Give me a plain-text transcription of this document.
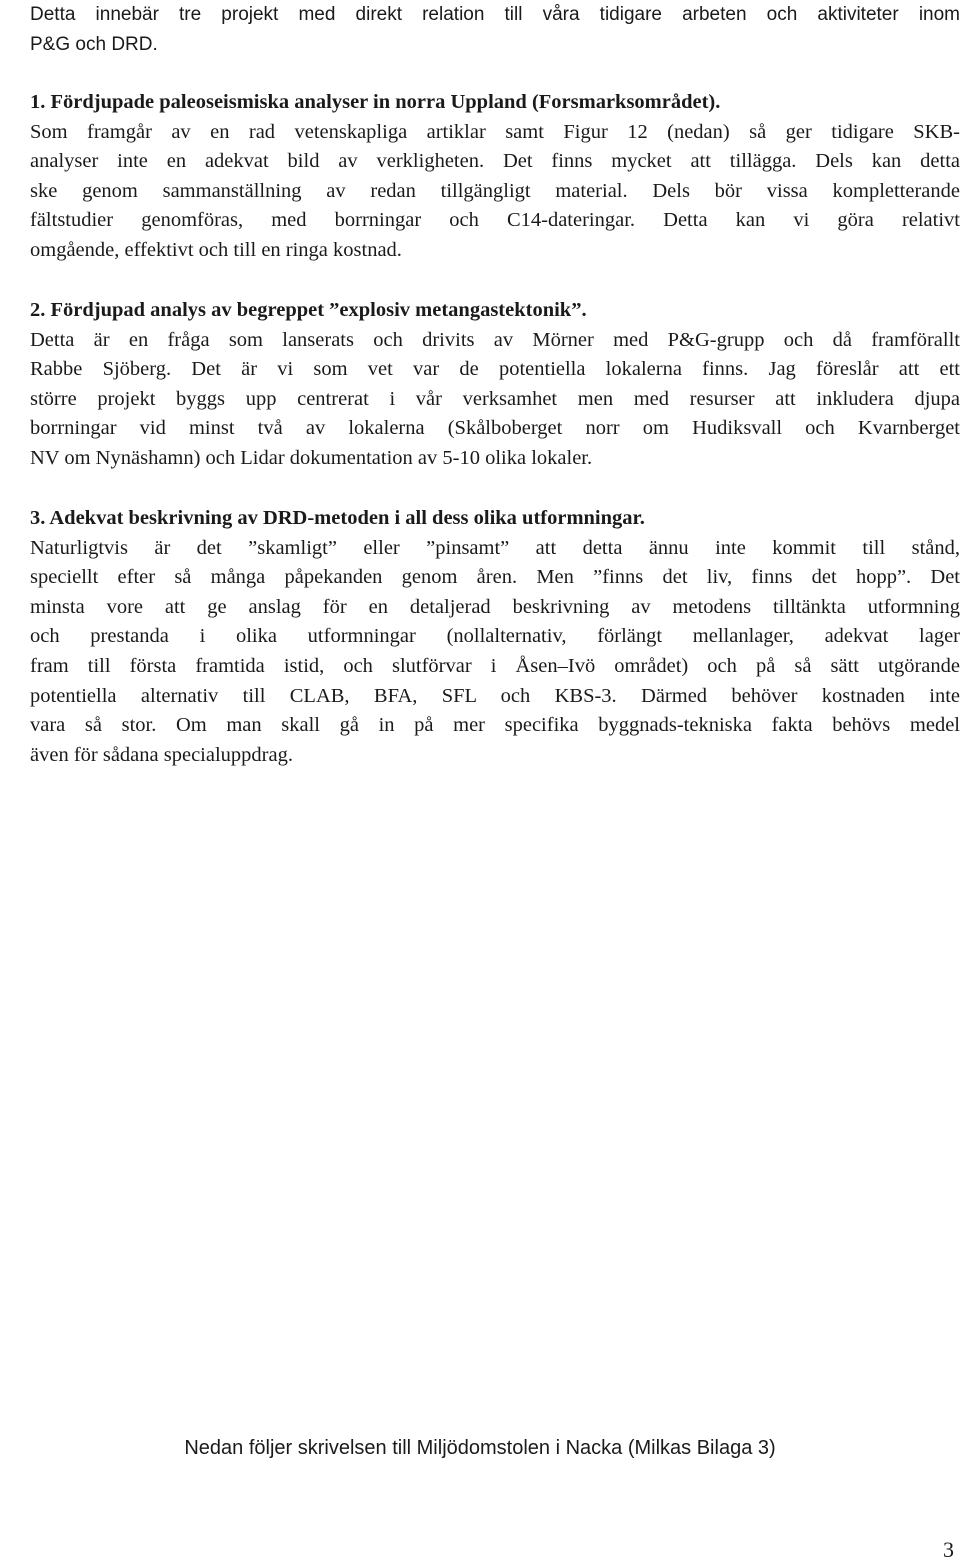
Detta innebär tre projekt med direkt relation till våra tidigare arbeten och aktiviteter inom
P&G och DRD.
1. Fördjupade paleoseismiska analyser in norra Uppland (Forsmarksområdet).
Som framgår av en rad vetenskapliga artiklar samt Figur 12 (nedan) så ger tidigare SKB-
analyser inte en adekvat bild av verkligheten. Det finns mycket att tillägga. Dels kan detta
ske genom sammanställning av redan tillgängligt material. Dels bör vissa kompletterande
fältstudier genomföras, med borrningar och C14-dateringar. Detta kan vi göra relativt
omgående, effektivt och till en ringa kostnad.
2. Fördjupad analys av begreppet ”explosiv metangastektonik”.
Detta är en fråga som lanserats och drivits av Mörner med P&G-grupp och då framförallt
Rabbe Sjöberg. Det är vi som vet var de potentiella lokalerna finns. Jag föreslår att ett
större projekt byggs upp centrerat i vår verksamhet men med resurser att inkludera djupa
borrningar vid minst två av lokalerna (Skålboberget norr om Hudiksvall och Kvarnberget
NV om Nynäshamn) och Lidar dokumentation av 5-10 olika lokaler.
3. Adekvat beskrivning av DRD-metoden i all dess olika utformningar.
Naturligtvis är det ”skamligt” eller ”pinsamt” att detta ännu inte kommit till stånd,
speciellt efter så många påpekanden genom åren. Men ”finns det liv, finns det hopp”. Det
minsta vore att ge anslag för en detaljerad beskrivning av metodens tilltänkta utformning
och prestanda i olika utformningar (nollalternativ, förlängt mellanlager, adekvat lager
fram till första framtida istid, och slutförvar i Åsen–Ivö området) och på så sätt utgörande
potentiella alternativ till CLAB, BFA, SFL och KBS-3. Därmed behöver kostnaden inte
vara så stor. Om man skall gå in på mer specifika byggnads-tekniska fakta behövs medel
även för sådana specialuppdrag.

Nedan följer skrivelsen till Miljödomstolen i Nacka (Milkas Bilaga 3)

3
